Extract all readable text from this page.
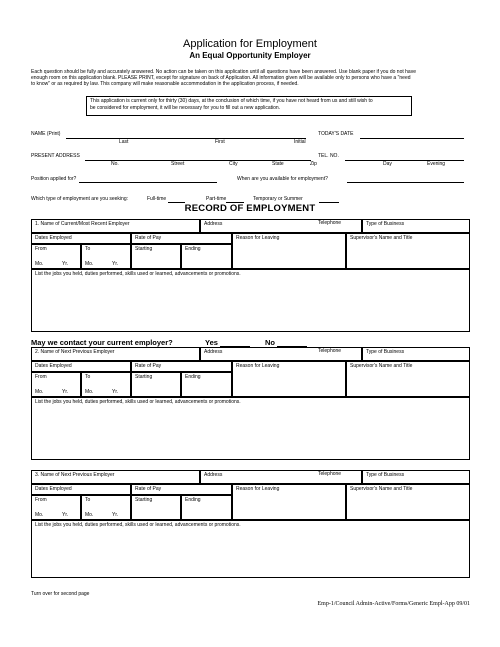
Application for Employment
An Equal Opportunity Employer
Each question should be fully and accurately answered. No action can be taken on this application until all questions have been answered. Use blank paper if you do not have
enough room on this application blank. PLEASE PRINT, except for signature on back of Application. All information given will be available only to persons who have a "need
to know" or as required by law. This company will make reasonable accommodation in the application process, if needed.
This application is current only for thirty (30) days, at the conclusion of which time, if you have not heard from us and still wish to
be considered for employment, it will be necessary for you to fill out a new application.
NAME (Print)	TODAY'S DATE
Last	First	Initial
PRESENT ADDRESS	TEL. NO.
No.	Street	City	State	Zip	Day	Evening
Position applied for?	When are you available for employment?
Which type of employment are you seeking:	Full-time	Part-time	Temporary or Summer
RECORD OF EMPLOYMENT
1. Name of Current/Most Recent Employer	Address	Telephone	Type of Business
Dates Employed	Rate of Pay	Reason for Leaving	Supervisor's Name and Title
From	To	Starting	Ending
Mo.	Yr.	Mo.	Yr.
List the jobs you held, duties performed, skills used or learned, advancements or promotions.
2. Name of Next Previous Employer	Address	Telephone	Type of Business
Dates Employed	Rate of Pay	Reason for Leaving	Supervisor's Name and Title
From	To	Starting	Ending
Mo.	Yr.	Mo.	Yr.
List the jobs you held, duties performed, skills used or learned, advancements or promotions.
3. Name of Next Previous Employer	Address	Telephone	Type of Business
Dates Employed	Rate of Pay	Reason for Leaving	Supervisor's Name and Title
From	To	Starting	Ending
Mo.	Yr.	Mo.	Yr.
List the jobs you held, duties performed, skills used or learned, advancements or promotions.
May we contact your current employer?	Yes	No
Turn over for second page
Emp-1/Council Admin-Active/Forms/Generic Empl-App 09/01
